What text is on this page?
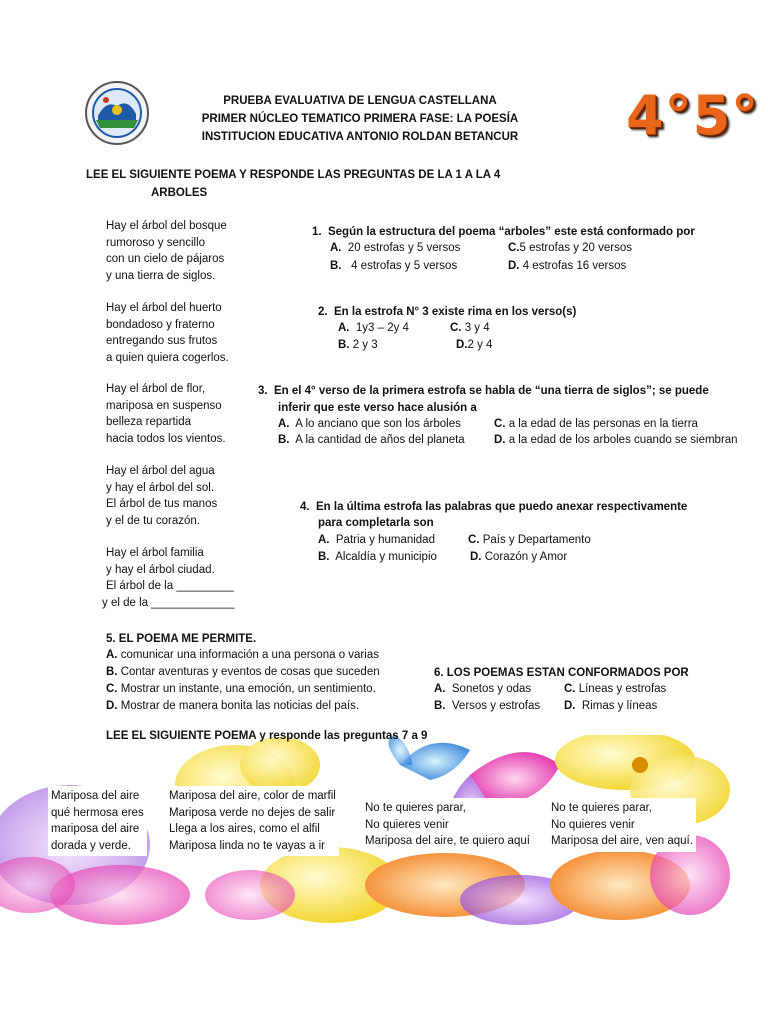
PRUEBA EVALUATIVA DE LENGUA CASTELLANA
PRIMER NÚCLEO TEMATICO PRIMERA FASE: LA POESÍA
INSTITUCION EDUCATIVA ANTONIO ROLDAN BETANCUR	4°5°
LEE EL SIGUIENTE POEMA Y RESPONDE LAS PREGUNTAS DE LA 1 A LA 4
ARBOLES
Hay el árbol del bosque
rumoroso y sencillo
con un cielo de pájaros
y una tierra de siglos.
Hay el árbol del huerto
bondadoso y fraterno
entregando sus frutos
a quien quiera cogerlos.
Hay el árbol de flor,
mariposa en suspenso
belleza repartida
hacia todos los vientos.
Hay el árbol del agua
y hay el árbol del sol.
El árbol de tus manos
y el de tu corazón.
Hay el árbol familia
y hay el árbol ciudad.
El árbol de la _________
y el de la _____________
1. Según la estructura del poema “arboles” este está conformado por
A. 20 estrofas y 5 versos	C.5 estrofas y 20 versos
B. 4 estrofas y 5 versos	D. 4 estrofas 16 versos
2. En la estrofa N° 3 existe rima en los verso(s)
A. 1y3 – 2y 4	C. 3 y 4
B. 2 y 3	D.2 y 4
3. En el 4° verso de la primera estrofa se habla de “una tierra de siglos”; se puede
inferir que este verso hace alusión a
A. A lo anciano que son los árboles	C. a la edad de las personas en la tierra
B. A la cantidad de años del planeta	D. a la edad de los arboles cuando se siembran
4. En la última estrofa las palabras que puedo anexar respectivamente
para completarla son
A. Patria y humanidad	C. País y Departamento
B. Alcaldía y municipio	D. Corazón y Amor
5. EL POEMA ME PERMITE.
A. comunicar una información a una persona o varias
B. Contar aventuras y eventos de cosas que suceden
C. Mostrar un instante, una emoción, un sentimiento.
D. Mostrar de manera bonita las noticias del país.
6. LOS POEMAS ESTAN CONFORMADOS POR
A. Sonetos y odas	C. Líneas y estrofas
B. Versos y estrofas D. Rimas y líneas
LEE EL SIGUIENTE POEMA y responde las preguntas 7 a 9
Mariposa del aire
qué hermosa eres
mariposa del aire
dorada y verde.
Mariposa del aire, color de marfil
Mariposa verde no dejes de salir
Llega a los aires, como el alfil
Mariposa linda no te vayas a ir
No te quieres parar,
No quieres venir
Mariposa del aire, te quiero aquí
No te quieres parar,
No quieres venir
Mariposa del aire, ven aquí.
